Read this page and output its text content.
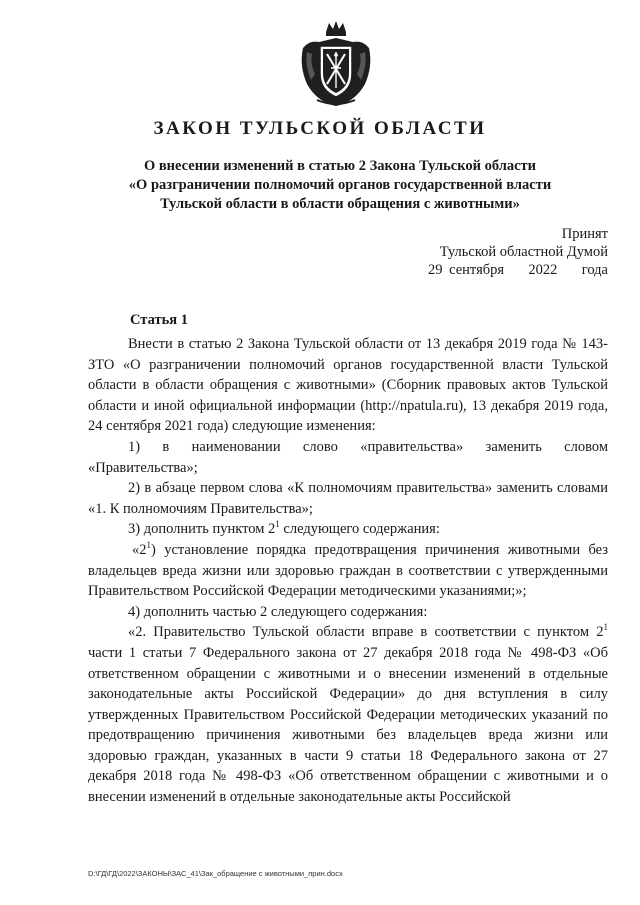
ЗАКОН ТУЛЬСКОЙ ОБЛАСТИ
О внесении изменений в статью 2 Закона Тульской области
«О разграничении полномочий органов государственной власти
Тульской области в области обращения с животными»
Принят
Тульской областной Думой
29 сентября 2022 года
Статья 1

Внести в статью 2 Закона Тульской области от 13 декабря 2019 года № 143-ЗТО «О разграничении полномочий органов государственной власти Тульской области в области обращения с животными» (Сборник правовых актов Тульской области и иной официальной информации (http://npatula.ru), 13 декабря 2019 года, 24 сентября 2021 года) следующие изменения:

1) в наименовании слово «правительства» заменить словом «Правительства»;

2) в абзаце первом слова «К полномочиям правительства» заменить словами «1. К полномочиям Правительства»;

3) дополнить пунктом $2^1$ следующего содержания:

«$2^1$) установление порядка предотвращения причинения животными без владельцев вреда жизни или здоровью граждан в соответствии с утвержденными Правительством Российской Федерации методическими указаниями;»;

4) дополнить частью 2 следующего содержания:

«2. Правительство Тульской области вправе в соответствии с пунктом $2^1$ части 1 статьи 7 Федерального закона от 27 декабря 2018 года № 498-ФЗ «Об ответственном обращении с животными и о внесении изменений в отдельные законодательные акты Российской Федерации» до дня вступления в силу утвержденных Правительством Российской Федерации методических указаний по предотвращению причинения животными без владельцев вреда жизни или здоровью граждан, указанных в части 9 статьи 18 Федерального закона от 27 декабря 2018 года № 498-ФЗ «Об ответственном обращении с животными и о внесении изменений в отдельные законодательные акты Российской

D:\ГД\ГД\2022\ЗАКОНЫ\ЗАС_41\Зак_обращение с животными_прин.docx
